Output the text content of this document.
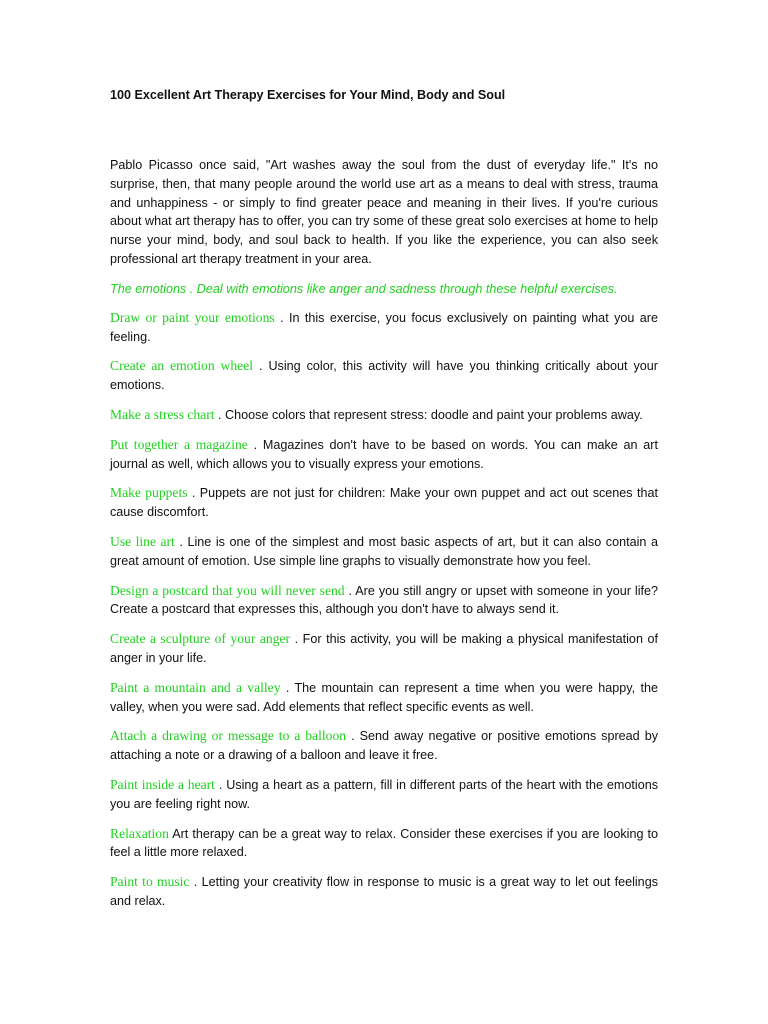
100 Excellent Art Therapy Exercises for Your Mind, Body and Soul

Pablo Picasso once said, "Art washes away the soul from the dust of everyday life." It's no surprise, then, that many people around the world use art as a means to deal with stress, trauma and unhappiness - or simply to find greater peace and meaning in their lives. If you're curious about what art therapy has to offer, you can try some of these great solo exercises at home to help nurse your mind, body, and soul back to health. If you like the experience, you can also seek professional art therapy treatment in your area.

The emotions . Deal with emotions like anger and sadness through these helpful exercises.

Draw or paint your emotions . In this exercise, you focus exclusively on painting what you are feeling.
Create an emotion wheel . Using color, this activity will have you thinking critically about your emotions.
Make a stress chart . Choose colors that represent stress: doodle and paint your problems away.
Put together a magazine . Magazines don't have to be based on words. You can make an art journal as well, which allows you to visually express your emotions.
Make puppets . Puppets are not just for children: Make your own puppet and act out scenes that cause discomfort.
Use line art . Line is one of the simplest and most basic aspects of art, but it can also contain a great amount of emotion. Use simple line graphs to visually demonstrate how you feel.
Design a postcard that you will never send . Are you still angry or upset with someone in your life? Create a postcard that expresses this, although you don't have to always send it.
Create a sculpture of your anger . For this activity, you will be making a physical manifestation of anger in your life.
Paint a mountain and a valley . The mountain can represent a time when you were happy, the valley, when you were sad. Add elements that reflect specific events as well.
Attach a drawing or message to a balloon . Send away negative or positive emotions spread by attaching a note or a drawing of a balloon and leave it free.
Paint inside a heart . Using a heart as a pattern, fill in different parts of the heart with the emotions you are feeling right now.
Relaxation Art therapy can be a great way to relax. Consider these exercises if you are looking to feel a little more relaxed.
Paint to music . Letting your creativity flow in response to music is a great way to let out feelings and relax.
